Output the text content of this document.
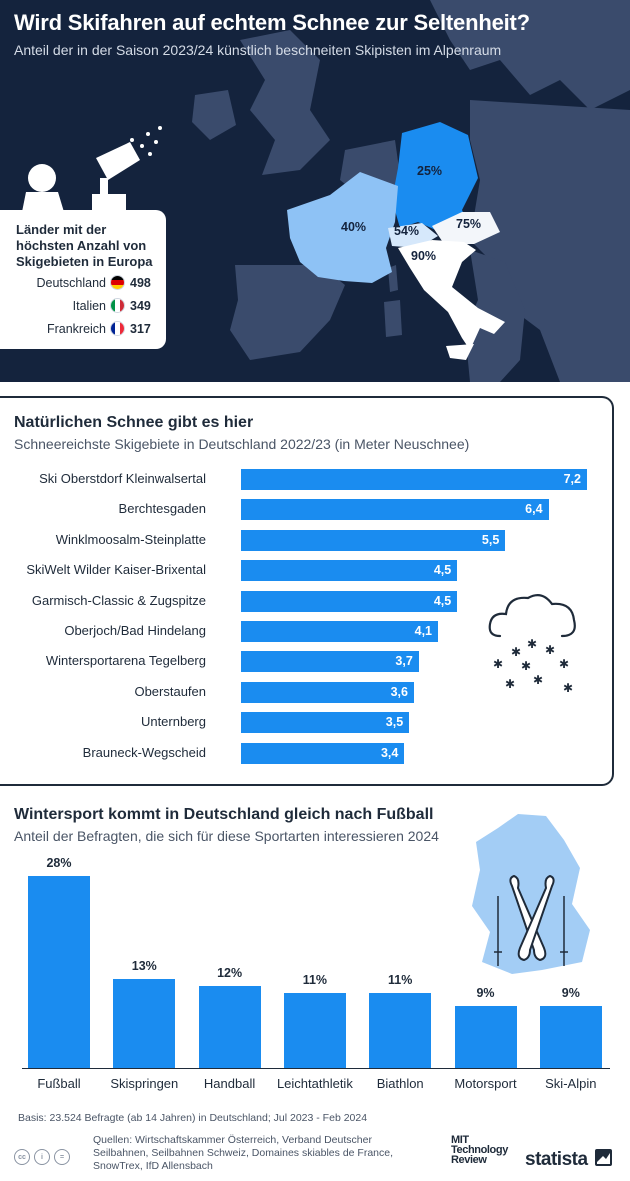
Wird Skifahren auf echtem Schnee zur Seltenheit?
Anteil der in der Saison 2023/24 künstlich beschneiten Skipisten im Alpenraum
25%
40% 54%	75%
90%
Länder mit der höchsten Anzahl von Skigebieten in Europa
Deutschland 498
Italien 349
Frankreich 317
Natürlichen Schnee gibt es hier
Schneereichste Skigebiete in Deutschland 2022/23 (in Meter Neuschnee)
Ski Oberstdorf Kleinwalsertal	7,2
Berchtesgaden	6,4
Winklmoosalm-Steinplatte	5,5
SkiWelt Wilder Kaiser-Brixental	4,5
Garmisch-Classic & Zugspitze	4,5
Oberjoch/Bad Hindelang	4,1
Wintersportarena Tegelberg	3,7
Oberstaufen	3,6
Unternberg	3,5
Brauneck-Wegscheid	3,4
✱
✱ ✱
✱	✱
✱
✱ ✱
✱
Wintersport kommt in Deutschland gleich nach Fußball
Anteil der Befragten, die sich für diese Sportarten interessieren 2024
28%
Fußball
13%
Skispringen
12%
Handball
11%
Leichtathletik
11%
Biathlon
9%
Motorsport
9%
Ski-Alpin
Basis: 23.524 Befragte (ab 14 Jahren) in Deutschland; Jul 2023 - Feb 2024
cc	i	=
Quellen: Wirtschaftskammer Österreich, Verband Deutscher Seilbahnen, Seilbahnen Schweiz, Domaines skiables de France, SnowTrex, IfD Allensbach
MIT Technology Review	statista
